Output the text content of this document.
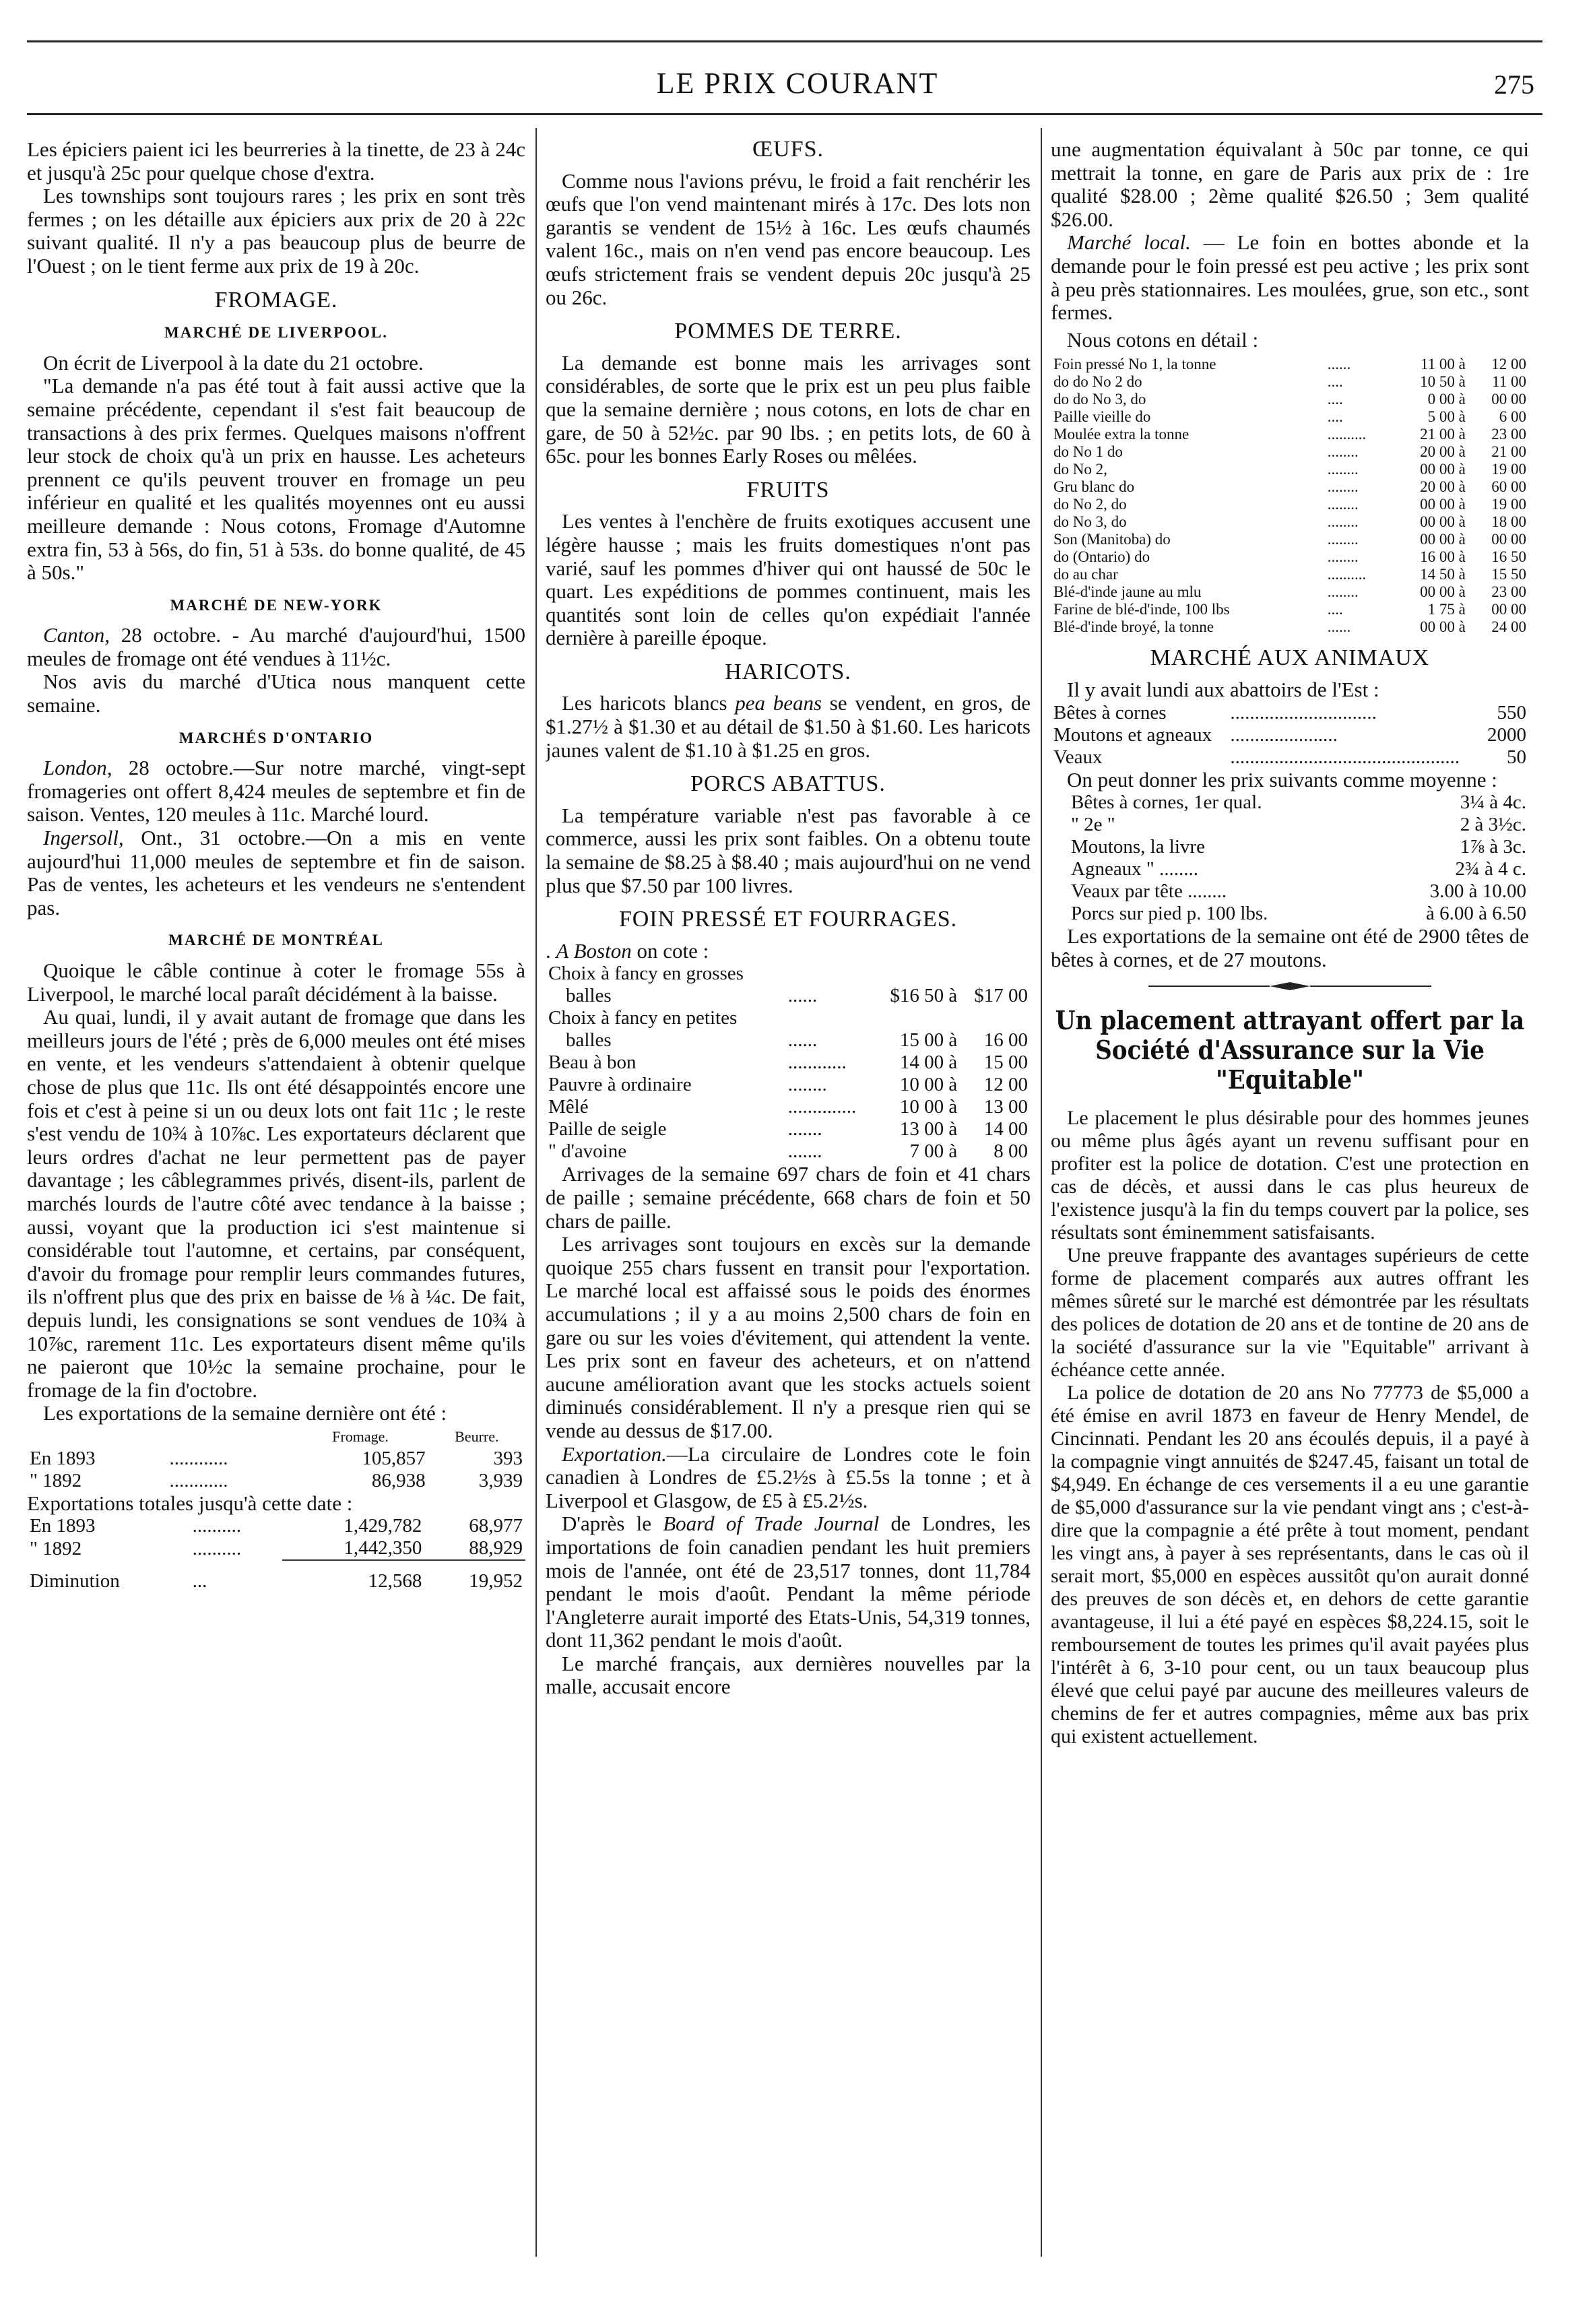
LE PRIX COURANT	275

Les épiciers paient ici les beurreries à la tinette, de 23 à 24c et jusqu'à 25c pour quelque chose d'extra.

Les townships sont toujours rares ; les prix en sont très fermes ; on les détaille aux épiciers aux prix de 20 à 22c suivant qualité. Il n'y a pas beaucoup plus de beurre de l'Ouest ; on le tient ferme aux prix de 19 à 20c.

FROMAGE.
MARCHÉ DE LIVERPOOL.

On écrit de Liverpool à la date du 21 octobre.

"La demande n'a pas été tout à fait aussi active que la semaine précédente, cependant il s'est fait beaucoup de transactions à des prix fermes. Quelques maisons n'offrent leur stock de choix qu'à un prix en hausse. Les acheteurs prennent ce qu'ils peuvent trouver en fromage un peu inférieur en qualité et les qualités moyennes ont eu aussi meilleure demande : Nous cotons, Fromage d'Automne extra fin, 53 à 56s, do fin, 51 à 53s. do bonne qualité, de 45 à 50s."

MARCHÉ DE NEW-YORK

Canton, 28 octobre. - Au marché d'aujourd'hui, 1500 meules de fromage ont été vendues à 11½c.

Nos avis du marché d'Utica nous manquent cette semaine.

MARCHÉS D'ONTARIO

London, 28 octobre.—Sur notre marché, vingt-sept fromageries ont offert 8,424 meules de septembre et fin de saison. Ventes, 120 meules à 11c. Marché lourd.

Ingersoll, Ont., 31 octobre.—On a mis en vente aujourd'hui 11,000 meules de septembre et fin de saison. Pas de ventes, les acheteurs et les vendeurs ne s'entendent pas.

MARCHÉ DE MONTRÉAL

Quoique le câble continue à coter le fromage 55s à Liverpool, le marché local paraît décidément à la baisse.

Au quai, lundi, il y avait autant de fromage que dans les meilleurs jours de l'été ; près de 6,000 meules ont été mises en vente, et les vendeurs s'attendaient à obtenir quelque chose de plus que 11c. Ils ont été désappointés encore une fois et c'est à peine si un ou deux lots ont fait 11c ; le reste s'est vendu de 10¾ à 10⅞c. Les exportateurs déclarent que leurs ordres d'achat ne leur permettent pas de payer davantage ; les câblegrammes privés, disent-ils, parlent de marchés lourds de l'autre côté avec tendance à la baisse ; aussi, voyant que la production ici s'est maintenue si considérable tout l'automne, et certains, par conséquent, d'avoir du fromage pour remplir leurs commandes futures, ils n'offrent plus que des prix en baisse de ⅛ à ¼c. De fait, depuis lundi, les consignations se sont vendues de 10¾ à 10⅞c, rarement 11c. Les exportateurs disent même qu'ils ne paieront que 10½c la semaine prochaine, pour le fromage de la fin d'octobre.

Les exportations de la semaine dernière ont été :

		Fromage.	Beurre.
En 1893	............	105,857	393
" 1892	............	86,938	3,939

Exportations totales jusqu'à cette date :

En 1893	..........	1,429,782	68,977
" 1892	..........	1,442,350	88,929
Diminution	...	12,568	19,952
ŒUFS.

Comme nous l'avions prévu, le froid a fait renchérir les œufs que l'on vend maintenant mirés à 17c. Des lots non garantis se vendent de 15½ à 16c. Les œufs chaumés valent 16c., mais on n'en vend pas encore beaucoup. Les œufs strictement frais se vendent depuis 20c jusqu'à 25 ou 26c.

POMMES DE TERRE.

La demande est bonne mais les arrivages sont considérables, de sorte que le prix est un peu plus faible que la semaine dernière ; nous cotons, en lots de char en gare, de 50 à 52½c. par 90 lbs. ; en petits lots, de 60 à 65c. pour les bonnes Early Roses ou mêlées.

FRUITS

Les ventes à l'enchère de fruits exotiques accusent une légère hausse ; mais les fruits domestiques n'ont pas varié, sauf les pommes d'hiver qui ont haussé de 50c le quart. Les expéditions de pommes continuent, mais les quantités sont loin de celles qu'on expédiait l'année dernière à pareille époque.

HARICOTS.

Les haricots blancs pea beans se vendent, en gros, de $1.27½ à $1.30 et au détail de $1.50 à $1.60. Les haricots jaunes valent de $1.10 à $1.25 en gros.

PORCS ABATTUS.

La température variable n'est pas favorable à ce commerce, aussi les prix sont faibles. On a obtenu toute la semaine de $8.25 à $8.40 ; mais aujourd'hui on ne vend plus que $7.50 par 100 livres.

FOIN PRESSÉ ET FOURRAGES.

. A Boston on cote :

Choix à fancy en grosses			
balles	......	$16 50 à	$17 00
Choix à fancy en petites			
balles	......	15 00 à	16 00
Beau à bon	............	14 00 à	15 00
Pauvre à ordinaire	........	10 00 à	12 00
Mêlé	..............	10 00 à	13 00
Paille de seigle	.......	13 00 à	14 00
" d'avoine	.......	7 00 à	8 00

Arrivages de la semaine 697 chars de foin et 41 chars de paille ; semaine précédente, 668 chars de foin et 50 chars de paille.

Les arrivages sont toujours en excès sur la demande quoique 255 chars fussent en transit pour l'exportation. Le marché local est affaissé sous le poids des énormes accumulations ; il y a au moins 2,500 chars de foin en gare ou sur les voies d'évitement, qui attendent la vente. Les prix sont en faveur des acheteurs, et on n'attend aucune amélioration avant que les stocks actuels soient diminués considérablement. Il n'y a presque rien qui se vende au dessus de $17.00.

Exportation.—La circulaire de Londres cote le foin canadien à Londres de £5.2½s à £5.5s la tonne ; et à Liverpool et Glasgow, de £5 à £5.2½s.

D'après le Board of Trade Journal de Londres, les importations de foin canadien pendant les huit premiers mois de l'année, ont été de 23,517 tonnes, dont 11,784 pendant le mois d'août. Pendant la même période l'Angleterre aurait importé des Etats-Unis, 54,319 tonnes, dont 11,362 pendant le mois d'août.

Le marché français, aux dernières nouvelles par la malle, accusait encore

une augmentation équivalant à 50c par tonne, ce qui mettrait la tonne, en gare de Paris aux prix de : 1re qualité $28.00 ; 2ème qualité $26.50 ; 3em qualité $26.00.

Marché local. — Le foin en bottes abonde et la demande pour le foin pressé est peu active ; les prix sont à peu près stationnaires. Les moulées, grue, son etc., sont fermes.

Nous cotons en détail :

Foin pressé No 1, la tonne	......	11 00 à	12 00
do do No 2 do	....	10 50 à	11 00
do do No 3, do	....	0 00 à	00 00
Paille vieille do	....	5 00 à	6 00
Moulée extra la tonne	..........	21 00 à	23 00
do No 1 do	........	20 00 à	21 00
do No 2,	........	00 00 à	19 00
Gru blanc do	........	20 00 à	60 00
do No 2, do	........	00 00 à	19 00
do No 3, do	........	00 00 à	18 00
Son (Manitoba) do	........	00 00 à	00 00
do (Ontario) do	........	16 00 à	16 50
do au char	..........	14 50 à	15 50
Blé-d'inde jaune au mlu	........	00 00 à	23 00
Farine de blé-d'inde, 100 lbs	....	1 75 à	00 00
Blé-d'inde broyé, la tonne	......	00 00 à	24 00
MARCHÉ AUX ANIMAUX

Il y avait lundi aux abattoirs de l'Est :

Bêtes à cornes	..............................	550
Moutons et agneaux	......................	2000
Veaux	...............................................	50

On peut donner les prix suivants comme moyenne :

Bêtes à cornes, 1er qual.	3¼ à 4c.
" 2e "	2 à 3½c.
Moutons, la livre	1⅞ à 3c.
Agneaux " ........	2¾ à 4 c.
Veaux par tête ........	3.00 à 10.00
Porcs sur pied p. 100 lbs.	à 6.00 à 6.50

Les exportations de la semaine ont été de 2900 têtes de bêtes à cornes, et de 27 moutons.

Un placement attrayant offert par la Société d'Assurance sur la Vie "Equitable"

Le placement le plus désirable pour des hommes jeunes ou même plus âgés ayant un revenu suffisant pour en profiter est la police de dotation. C'est une protection en cas de décès, et aussi dans le cas plus heureux de l'existence jusqu'à la fin du temps couvert par la police, ses résultats sont éminemment satisfaisants.

Une preuve frappante des avantages supérieurs de cette forme de placement comparés aux autres offrant les mêmes sûreté sur le marché est démontrée par les résultats des polices de dotation de 20 ans et de tontine de 20 ans de la société d'assurance sur la vie "Equitable" arrivant à échéance cette année.

La police de dotation de 20 ans No 77773 de $5,000 a été émise en avril 1873 en faveur de Henry Mendel, de Cincinnati. Pendant les 20 ans écoulés depuis, il a payé à la compagnie vingt annuités de $247.45, faisant un total de $4,949. En échange de ces versements il a eu une garantie de $5,000 d'assurance sur la vie pendant vingt ans ; c'est-à-dire que la compagnie a été prête à tout moment, pendant les vingt ans, à payer à ses représentants, dans le cas où il serait mort, $5,000 en espèces aussitôt qu'on aurait donné des preuves de son décès et, en dehors de cette garantie avantageuse, il lui a été payé en espèces $8,224.15, soit le remboursement de toutes les primes qu'il avait payées plus l'intérêt à 6, 3-10 pour cent, ou un taux beaucoup plus élevé que celui payé par aucune des meilleures valeurs de chemins de fer et autres compagnies, même aux bas prix qui existent actuellement.
